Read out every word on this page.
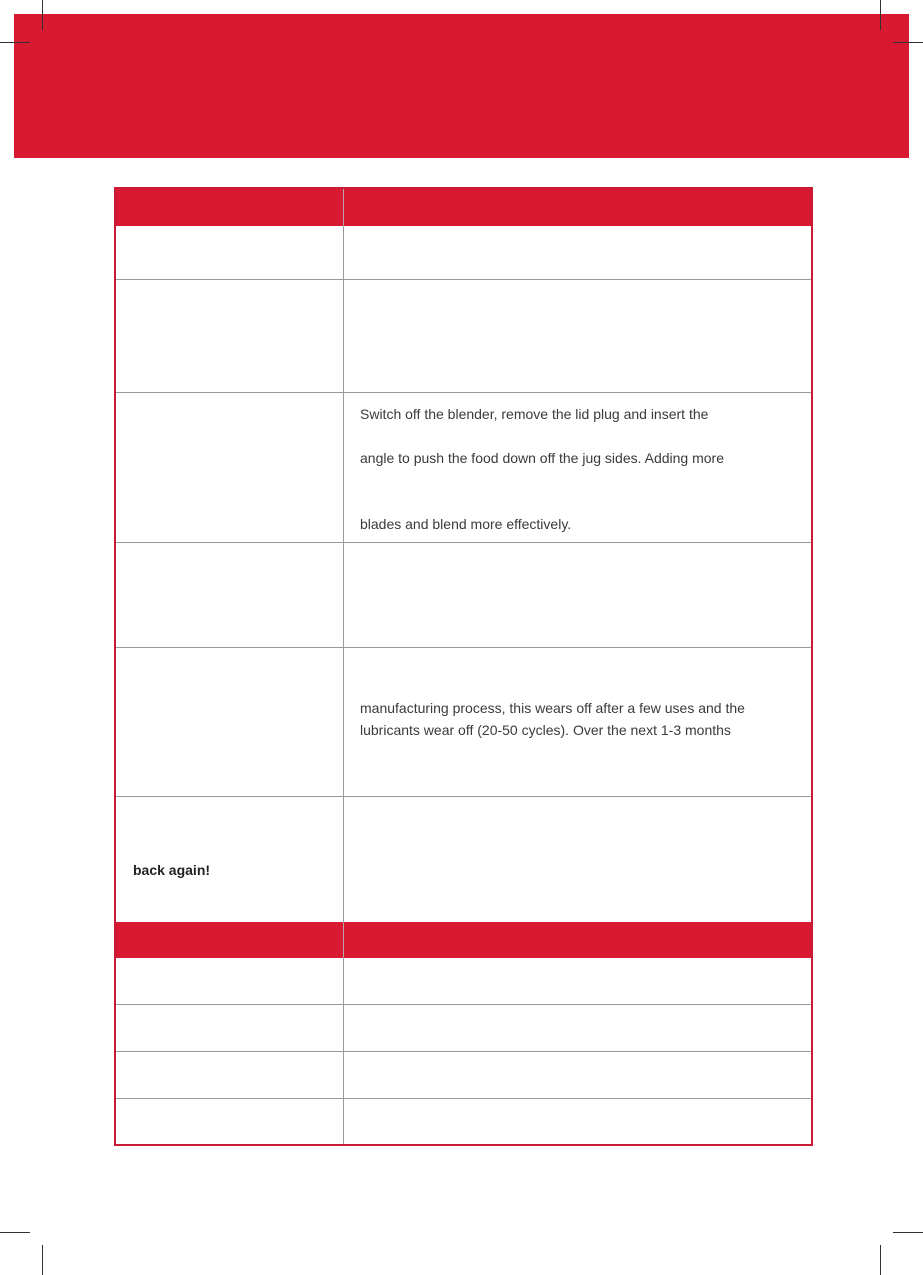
Switch off the blender, remove the lid plug and insert the
angle to push the food down off the jug sides. Adding more
blades and blend more effectively.
manufacturing process, this wears off after a few uses and the
lubricants wear off (20-50 cycles). Over the next 1-3 months
back again!
